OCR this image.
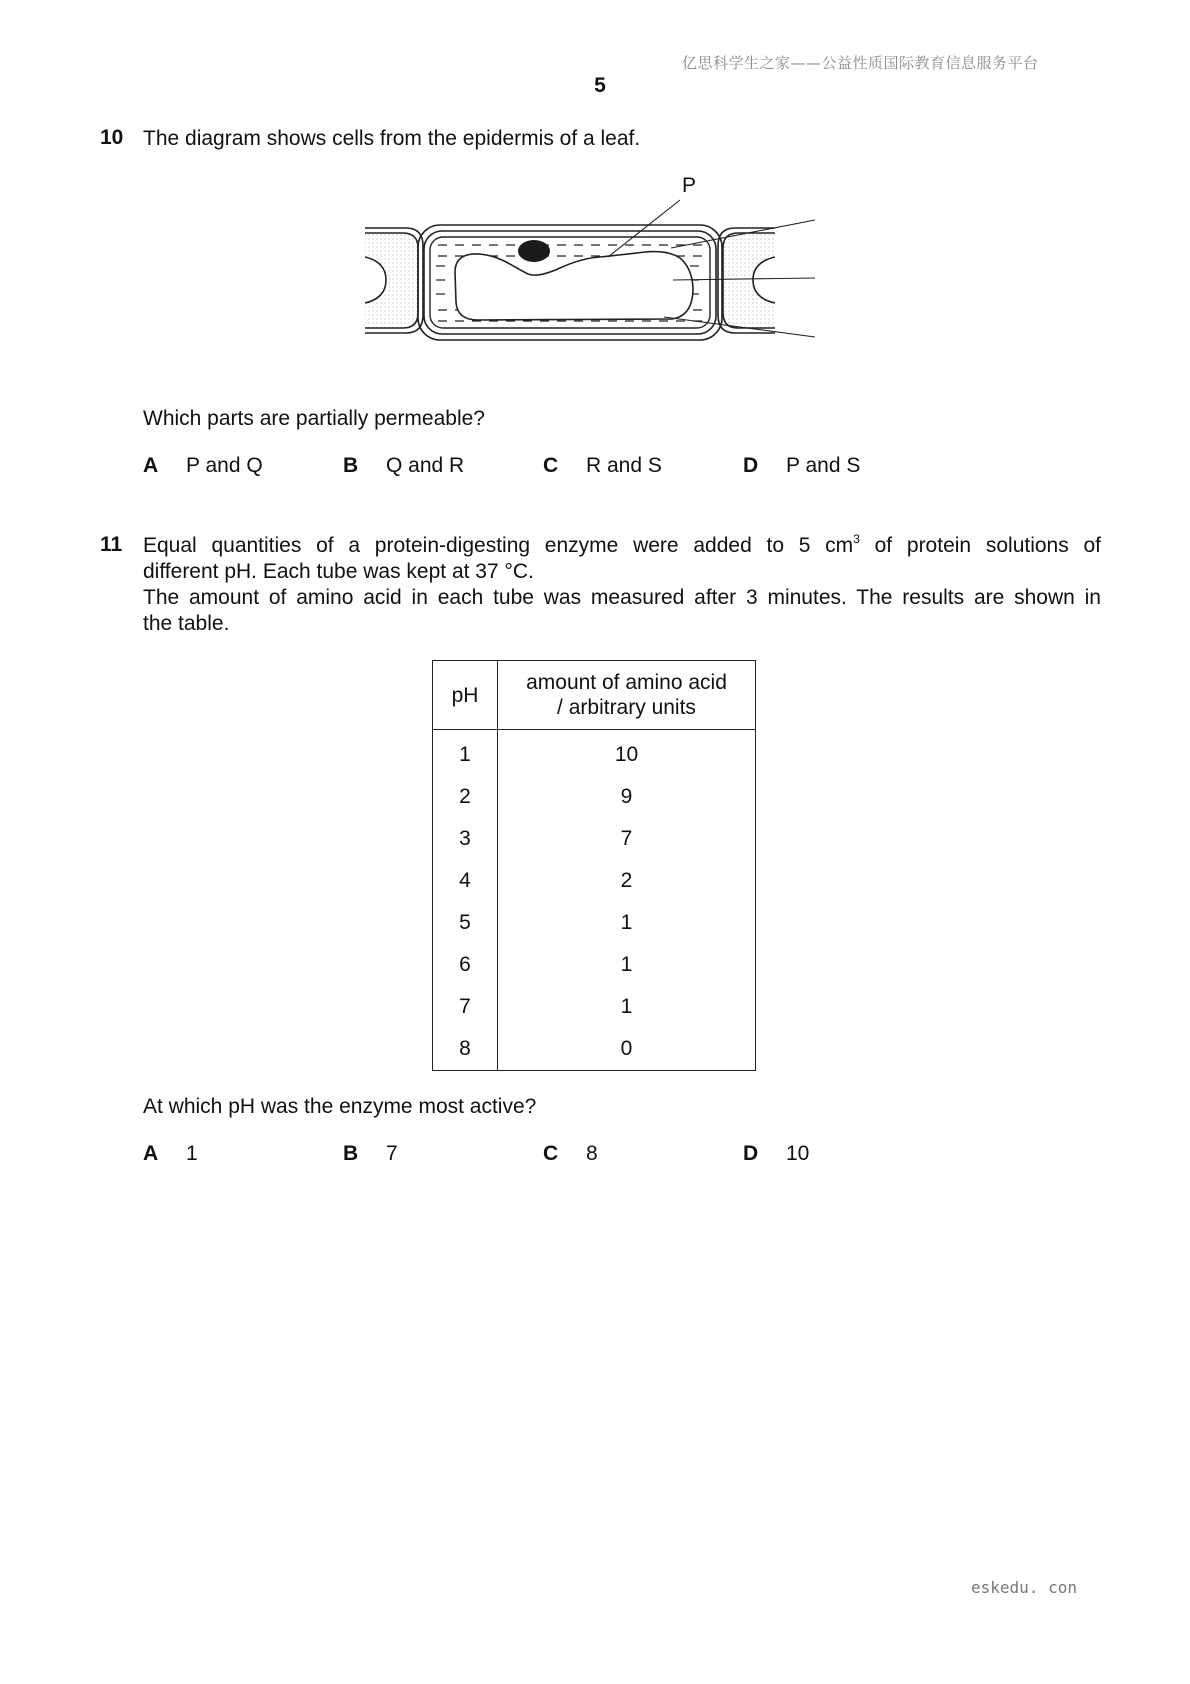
亿思科学生之家——公益性质国际教育信息服务平台
5
10 The diagram shows cells from the epidermis of a leaf.
P
Which parts are partially permeable?
A P and Q	B Q and R	C R and S	D P and S
11 Equal quantities of a protein-digesting enzyme were added to 5 $cm^3$ of protein solutions of
different pH. Each tube was kept at 37 °C.
The amount of amino acid in each tube was measured after 3 minutes. The results are shown in
the table.
pH	amount of amino acid
/ arbitrary units

1	10
2	9
3	7
4	2
5	1
6	1
7	1
8	0
At which pH was the enzyme most active?
A 1	B 7	C 8	D 10
eskedu. con
